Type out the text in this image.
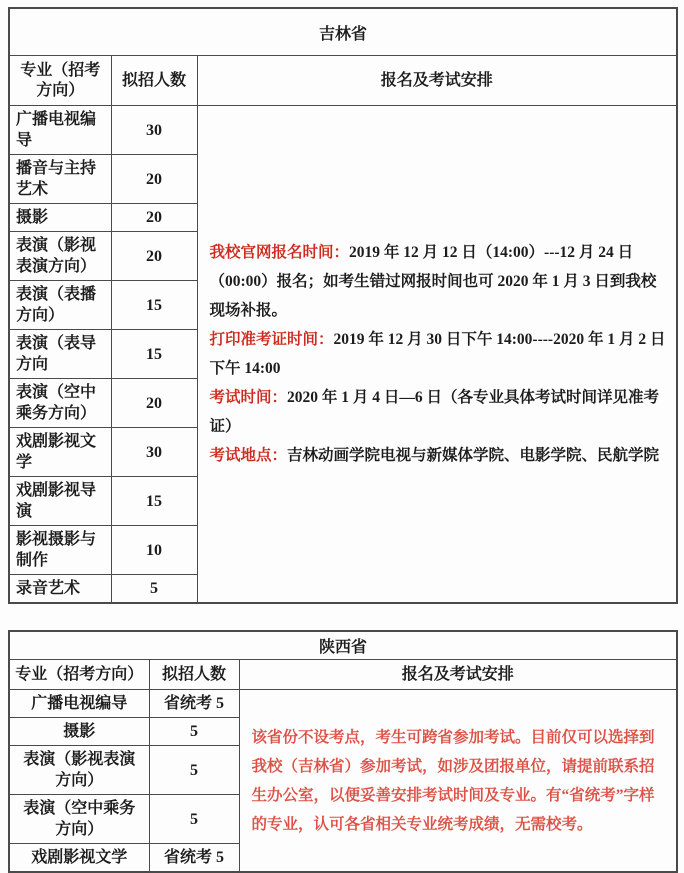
吉林省		
专业（招考方向）	拟招人数	报名及考试安排
广播电视编导	30	我校官网报名时间：2019 年 12 月 12 日（14:00）---12 月 24 日（00:00）报名；如考生错过网报时间也可 2020 年 1 月 3 日到我校现场补报。

打印准考证时间：2019 年 12 月 30 日下午 14:00----2020 年 1 月 2 日下午 14:00

考试时间：2020 年 1 月 4 日—6 日（各专业具体考试时间详见准考证）

考试地点：吉林动画学院电视与新媒体学院、电影学院、民航学院

播音与主持艺术	20	
摄影	20	
表演（影视表演方向）	20	
表演（表播方向）	15	
表演（表导方向	15	
表演（空中乘务方向）	20	
戏剧影视文学	30	
戏剧影视导演	15	
影视摄影与制作	10	
录音艺术	5	
陕西省		
专业（招考方向）	拟招人数	报名及考试安排
广播电视编导	省统考 5	该省份不设考点，考生可跨省参加考试。目前仅可以选择到我校（吉林省）参加考试，如涉及团报单位，请提前联系招生办公室，以便妥善安排考试时间及专业。有“省统考”字样的专业，认可各省相关专业统考成绩，无需校考。

摄影	5	
表演（影视表演方向）	5	
表演（空中乘务方向）	5	
戏剧影视文学	省统考 5	
